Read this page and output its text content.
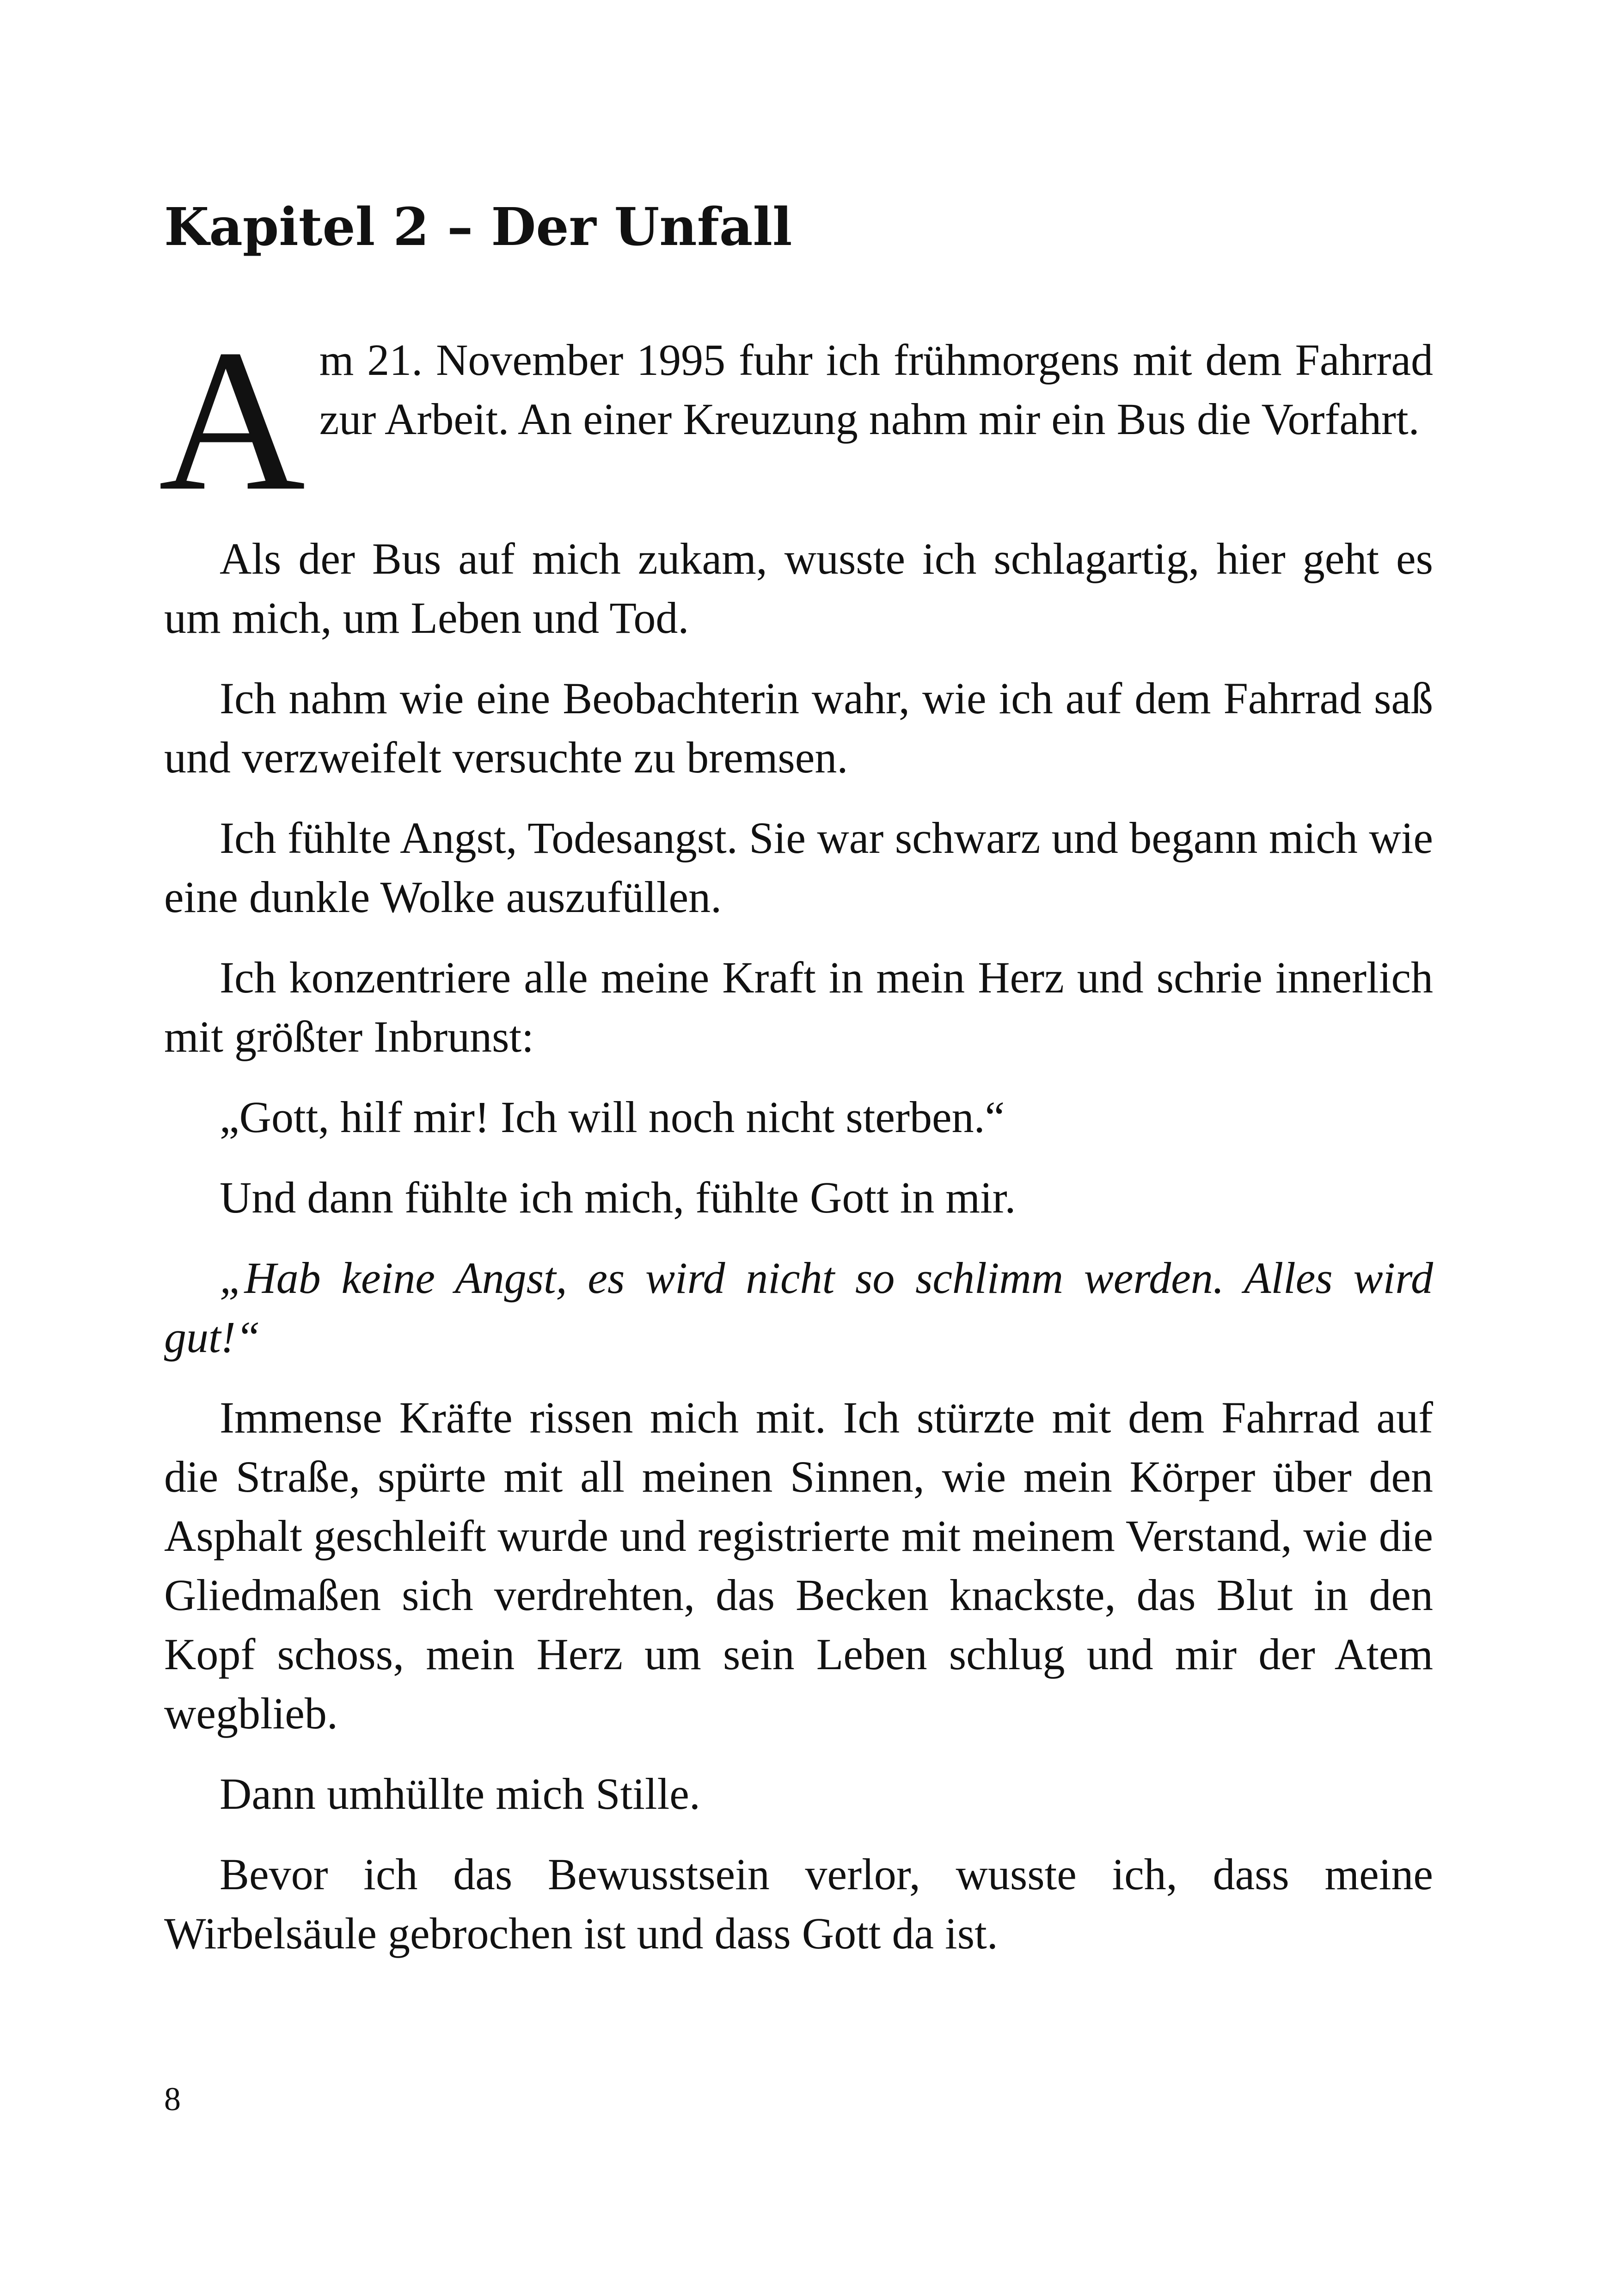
Kapitel 2 – Der Unfall

Am 21. November 1995 fuhr ich frühmorgens mit dem Fahrrad zur Arbeit. An einer Kreuzung nahm mir ein Bus die Vorfahrt.

Als der Bus auf mich zukam, wusste ich schlagartig, hier geht es um mich, um Leben und Tod.

Ich nahm wie eine Beobachterin wahr, wie ich auf dem Fahrrad saß und verzweifelt versuchte zu bremsen.

Ich fühlte Angst, Todesangst. Sie war schwarz und begann mich wie eine dunkle Wolke auszufüllen.

Ich konzentriere alle meine Kraft in mein Herz und schrie innerlich mit größter Inbrunst:

„Gott, hilf mir! Ich will noch nicht sterben.“

Und dann fühlte ich mich, fühlte Gott in mir.

„Hab keine Angst, es wird nicht so schlimm werden. Alles wird gut!“

Immense Kräfte rissen mich mit. Ich stürzte mit dem Fahrrad auf die Straße, spürte mit all meinen Sinnen, wie mein Körper über den Asphalt geschleift wurde und registrierte mit meinem Verstand, wie die Gliedmaßen sich verdrehten, das Becken knackste, das Blut in den Kopf schoss, mein Herz um sein Leben schlug und mir der Atem wegblieb.

Dann umhüllte mich Stille.

Bevor ich das Bewusstsein verlor, wusste ich, dass meine Wirbelsäule gebrochen ist und dass Gott da ist.

8
